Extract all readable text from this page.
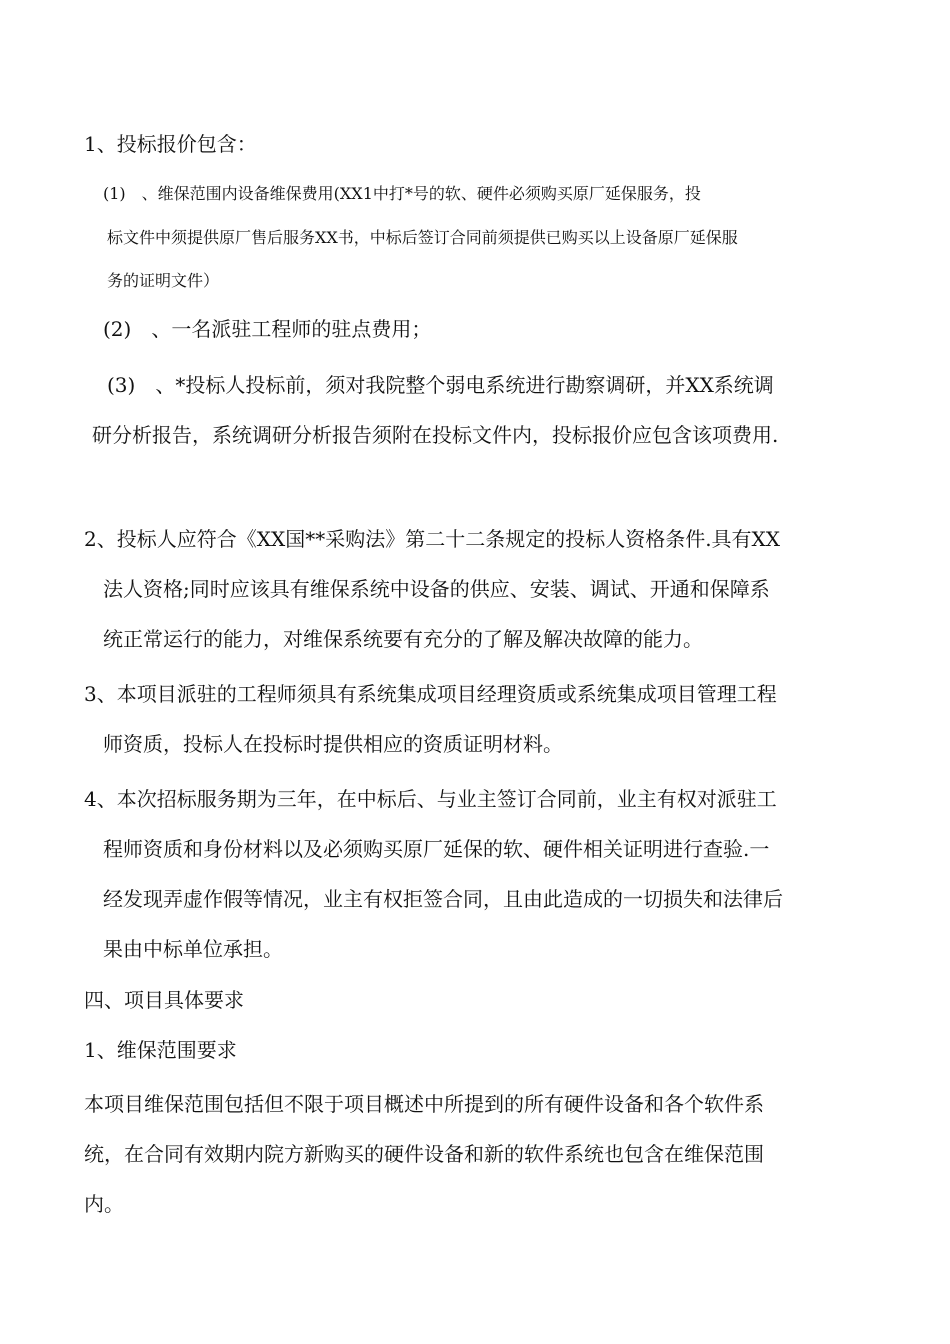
1、投标报价包含：
(1)　、维保范围内设备维保费用(XX1中打*号的软、硬件必须购买原厂延保服务，投
标文件中须提供原厂售后服务XX书，中标后签订合同前须提供已购买以上设备原厂延保服
务的证明文件）
(2)　、一名派驻工程师的驻点费用；
(3)　、*投标人投标前，须对我院整个弱电系统进行勘察调研，并XX系统调
研分析报告，系统调研分析报告须附在投标文件内，投标报价应包含该项费用.
2、投标人应符合《XX国**采购法》第二十二条规定的投标人资格条件.具有XX
法人资格;同时应该具有维保系统中设备的供应、安装、调试、开通和保障系
统正常运行的能力，对维保系统要有充分的了解及解决故障的能力。
3、本项目派驻的工程师须具有系统集成项目经理资质或系统集成项目管理工程
师资质，投标人在投标时提供相应的资质证明材料。
4、本次招标服务期为三年，在中标后、与业主签订合同前，业主有权对派驻工
程师资质和身份材料以及必须购买原厂延保的软、硬件相关证明进行查验.一
经发现弄虚作假等情况，业主有权拒签合同，且由此造成的一切损失和法律后
果由中标单位承担。
四、项目具体要求
1、维保范围要求
本项目维保范围包括但不限于项目概述中所提到的所有硬件设备和各个软件系
统，在合同有效期内院方新购买的硬件设备和新的软件系统也包含在维保范围
内。
